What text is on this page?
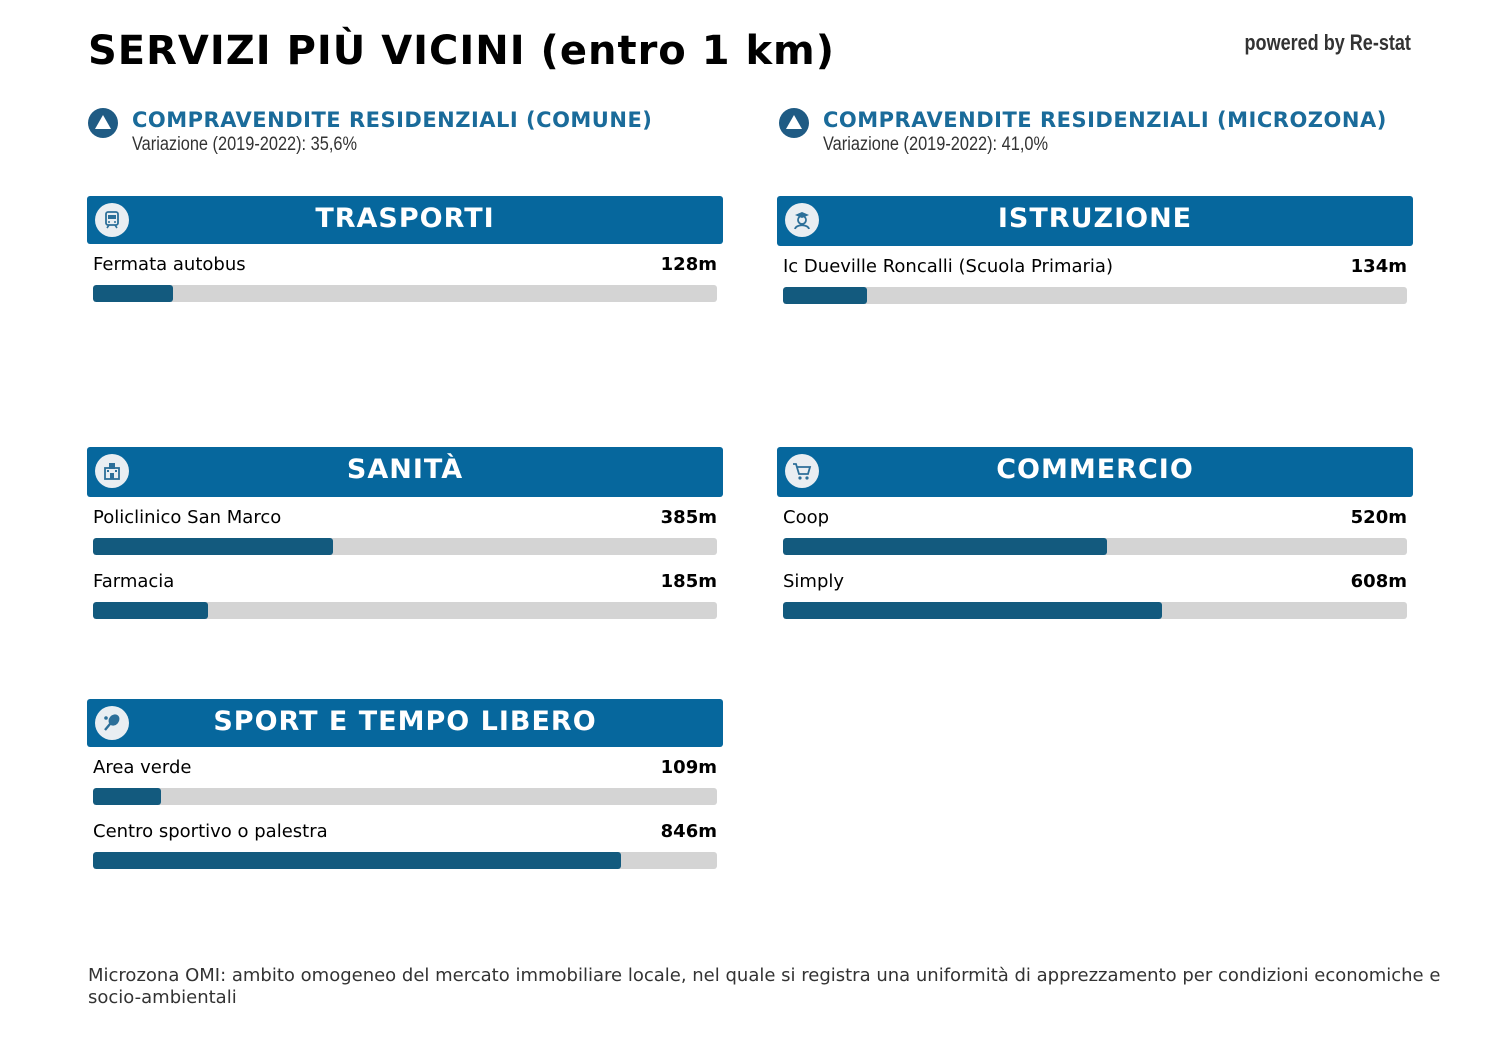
SERVIZI PIÙ VICINI (entro 1 km)	powered by Re-stat
COMPRAVENDITE RESIDENZIALI (COMUNE)
Variazione (2019-2022): 35,6%
COMPRAVENDITE RESIDENZIALI (MICROZONA)
Variazione (2019-2022): 41,0%
TRASPORTI
Fermata autobus	128m
ISTRUZIONE
Ic Dueville Roncalli (Scuola Primaria)	134m
SANITÀ
Policlinico San Marco	385m
Farmacia	185m
COMMERCIO
Coop	520m
Simply	608m
SPORT E TEMPO LIBERO
Area verde	109m
Centro sportivo o palestra	846m
Microzona OMI: ambito omogeneo del mercato immobiliare locale, nel quale si registra una uniformità di apprezzamento per condizioni economiche e socio-ambientali
